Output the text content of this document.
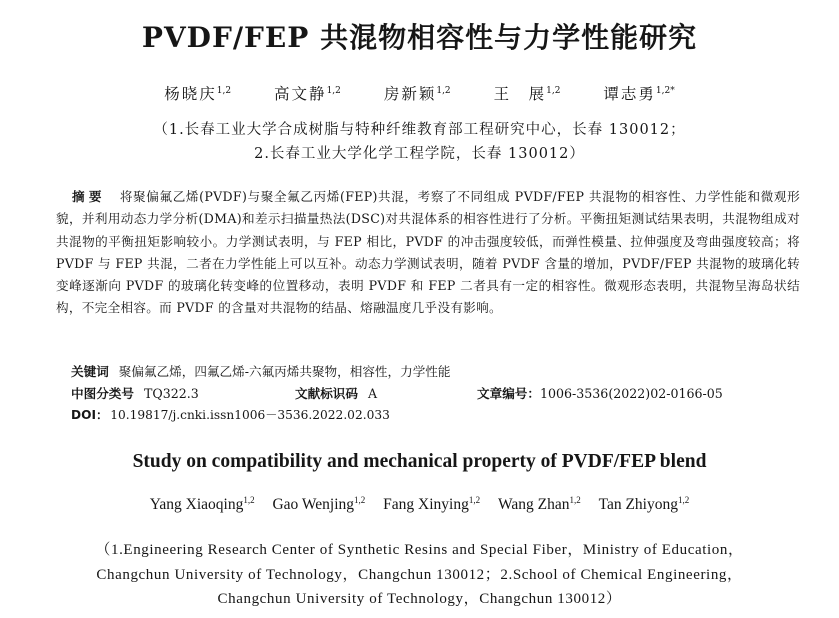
PVDF/FEP 共混物相容性与力学性能研究
杨晓庆$^{1,2}$	高文静$^{1,2}$	房新颖$^{1,2}$	王　展$^{1,2}$	谭志勇$^{1,2*}$
（1.长春工业大学合成树脂与特种纤维教育部工程研究中心，长春 130012；
2.长春工业大学化学工程学院，长春 130012）
摘要 将聚偏氟乙烯(PVDF)与聚全氟乙丙烯(FEP)共混，考察了不同组成 PVDF/FEP 共混物的相容性、力学性能和微观形貌，并利用动态力学分析(DMA)和差示扫描量热法(DSC)对共混体系的相容性进行了分析。平衡扭矩测试结果表明，共混物组成对共混物的平衡扭矩影响较小。力学测试表明，与 FEP 相比，PVDF 的冲击强度较低，而弹性模量、拉伸强度及弯曲强度较高；将 PVDF 与 FEP 共混，二者在力学性能上可以互补。动态力学测试表明，随着 PVDF 含量的增加，PVDF/FEP 共混物的玻璃化转变峰逐渐向 PVDF 的玻璃化转变峰的位置移动，表明 PVDF 和 FEP 二者具有一定的相容性。微观形态表明，共混物呈海岛状结构，不完全相容。而 PVDF 的含量对共混物的结晶、熔融温度几乎没有影响。
关键词 聚偏氟乙烯，四氟乙烯-六氟丙烯共聚物，相容性，力学性能
中图分类号 TQ322.3	文献标识码 A	文章编号：1006-3536(2022)02-0166-05
DOI： 10.19817/j.cnki.issn1006－3536.2022.02.033
Study on compatibility and mechanical property of PVDF/FEP blend
Yang Xiaoqing$^{1,2}$ Gao Wenjing$^{1,2}$ Fang Xinying$^{1,2}$ Wang Zhan$^{1,2}$ Tan Zhiyong$^{1,2}$
（1.Engineering Research Center of Synthetic Resins and Special Fiber，Ministry of Education，
Changchun University of Technology，Changchun 130012；2.School of Chemical Engineering，
Changchun University of Technology，Changchun 130012）
